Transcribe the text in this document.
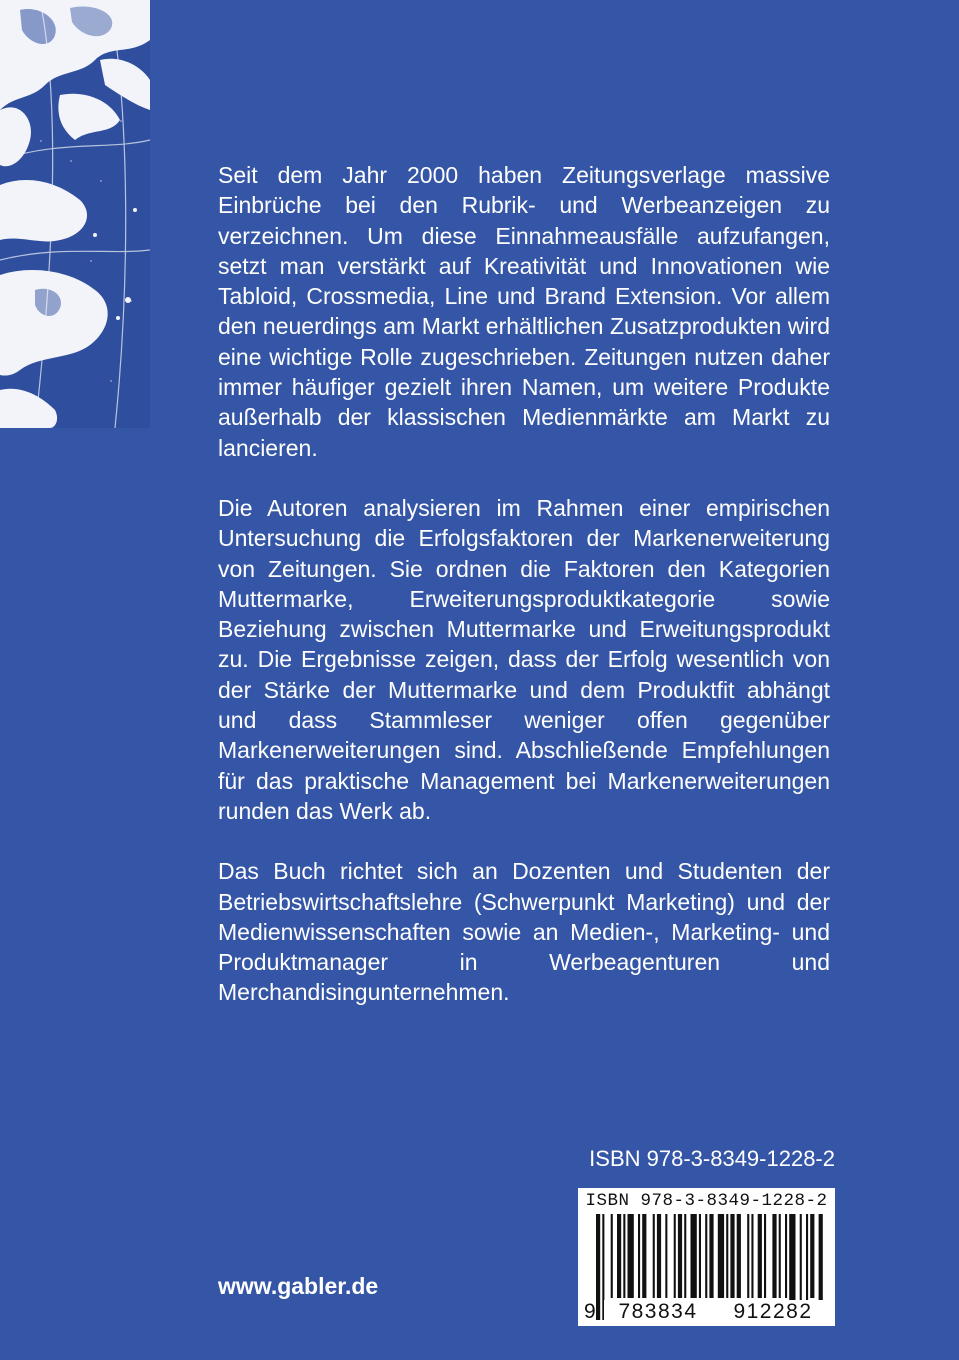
Seit dem Jahr 2000 haben Zeitungsverlage massive Einbrüche bei den Rubrik- und Werbeanzeigen zu verzeichnen. Um diese Einnahmeausfälle aufzufangen, setzt man verstärkt auf Kreativität und Innovationen wie Tabloid, Crossmedia, Line und Brand Extension. Vor allem den neuerdings am Markt erhältlichen Zusatzprodukten wird eine wichtige Rolle zugeschrieben. Zeitungen nutzen daher immer häufiger gezielt ihren Namen, um weitere Produkte außerhalb der klassischen Medienmärkte am Markt zu lancieren.

Die Autoren analysieren im Rahmen einer empirischen Untersuchung die Erfolgsfaktoren der Markenerweiterung von Zeitungen. Sie ordnen die Faktoren den Kategorien Muttermarke, Erweiterungsproduktkategorie sowie Beziehung zwischen Muttermarke und Erweitungsprodukt zu. Die Ergebnisse zeigen, dass der Erfolg wesentlich von der Stärke der Muttermarke und dem Produktfit abhängt und dass Stammleser weniger offen gegenüber Markenerweiterungen sind. Abschließende Empfehlungen für das praktische Management bei Markenerweiterungen runden das Werk ab.

Das Buch richtet sich an Dozenten und Studenten der Betriebswirtschaftslehre (Schwerpunkt Marketing) und der Medienwissenschaften sowie an Medien-, Marketing- und Produktmanager in Werbeagenturen und Merchandisingunternehmen.

ISBN 978-3-8349-1228-2
ISBN 978-3-8349-1228-2
9	783834	912282
www.gabler.de
